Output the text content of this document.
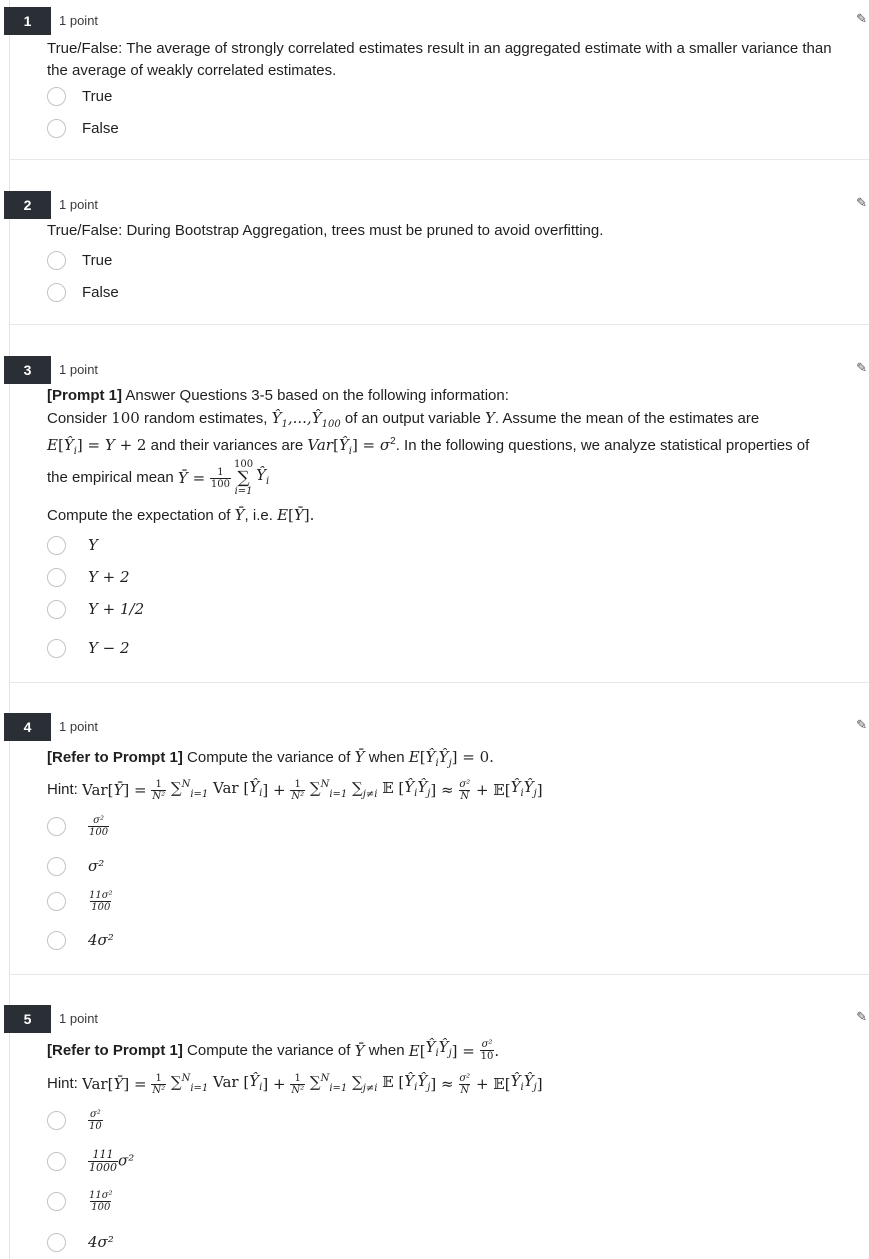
1	1 point	✎
True/False: The average of strongly correlated estimates result in an aggregated estimate with a smaller variance than
the average of weakly correlated estimates.
True
False
2	1 point	✎
True/False: During Bootstrap Aggregation, trees must be pruned to avoid overfitting.
True
False
3	1 point	✎
[Prompt 1] Answer Questions 3-5 based on the following information:
Consider 100 random estimates, $Ŷ_1,...,Ŷ_{100}$ of an output variable Y. Assume the mean of the estimates are
$E[Ŷ_i] = Y + 2$ and their variances are $Var[Ŷ_i] = \sigma^2$. In the following questions, we analyze statistical properties of
the empirical mean
Ȳ = $\frac{1}{100}$
100
∑
i=1
$Ŷ_i$
Compute the expectation of Ȳ, i.e. E[Ȳ].
Y
Y + 2
Y + 1/2
Y − 2
4	1 point	✎
[Refer to Prompt 1] Compute the variance of Ȳ when $E[Ŷ_iŶ_j] = 0$.
Hint:
Var[ Ȳ ] = $\frac{1}{\text{N²}} \sum^N_{i=1}$ Var [ $Ŷ_i$ ] + $\frac{1}{\text{N²}} \sum^N_{i=1}$ $\sum_{j\ne i}$ 𝔼 [ $Ŷ_iŶ_j$ ] ≈ $\frac{\text{σ²}}{N}$ + 𝔼[ $Ŷ_iŶ_j$ ]
$\frac{\text{σ²}}{100}$
σ²
$\frac{\text{11σ²}}{100}$
4σ²
5	1 point	✎
[Refer to Prompt 1]
Compute the variance of
Ȳ
when
E [ $Ŷ_iŶ_j$ ] = $\frac{\text{σ²}}{10}$ .
Hint:
Var[ Ȳ ] = $\frac{1}{\text{N²}} \sum^N_{i=1}$ Var [ $Ŷ_i$ ] + $\frac{1}{\text{N²}} \sum^N_{i=1}$ $\sum_{j\ne i}$ 𝔼 [ $Ŷ_iŶ_j$ ] ≈ $\frac{\text{σ²}}{N}$ + 𝔼[ $Ŷ_iŶ_j$ ]
$\frac{\text{σ²}}{10}$
$\frac{111}{1000} \sigma^2$
$\frac{\text{11σ²}}{100}$
4σ²
